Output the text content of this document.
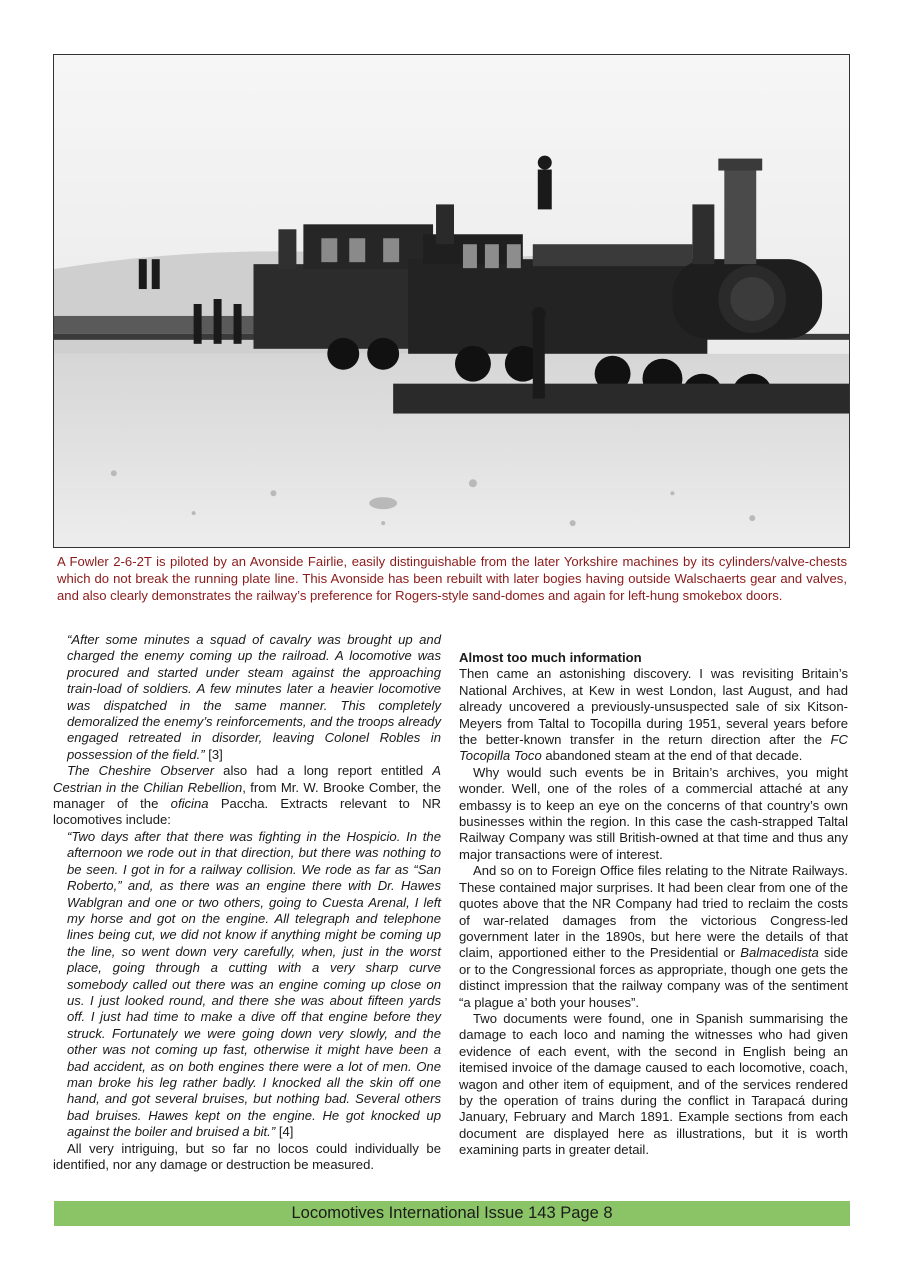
A Fowler 2-6-2T is piloted by an Avonside Fairlie, easily distinguishable from the later Yorkshire machines by its cylinders/valve-chests which do not break the running plate line. This Avonside has been rebuilt with later bogies having outside Walschaerts gear and valves, and also clearly demonstrates the railway’s preference for Rogers-style sand-domes and again for left-hung smokebox doors.

“After some minutes a squad of cavalry was brought up and charged the enemy coming up the railroad. A locomotive was procured and started under steam against the approaching train-load of soldiers. A few minutes later a heavier locomotive was dispatched in the same manner. This completely demoralized the enemy’s reinforcements, and the troops already engaged retreated in disorder, leaving Colonel Robles in possession of the field.” [3]

The Cheshire Observer also had a long report entitled A Cestrian in the Chilian Rebellion, from Mr. W. Brooke Comber, the manager of the oficina Paccha. Extracts relevant to NR locomotives include:

“Two days after that there was fighting in the Hospicio. In the afternoon we rode out in that direction, but there was nothing to be seen. I got in for a railway collision. We rode as far as “San Roberto,” and, as there was an engine there with Dr. Hawes Wablgran and one or two others, going to Cuesta Arenal, I left my horse and got on the engine. All telegraph and telephone lines being cut, we did not know if anything might be coming up the line, so went down very carefully, when, just in the worst place, going through a cutting with a very sharp curve somebody called out there was an engine coming up close on us. I just looked round, and there she was about fifteen yards off. I just had time to make a dive off that engine before they struck. Fortunately we were going down very slowly, and the other was not coming up fast, otherwise it might have been a bad accident, as on both engines there were a lot of men. One man broke his leg rather badly. I knocked all the skin off one hand, and got several bruises, but nothing bad. Several others bad bruises. Hawes kept on the engine. He got knocked up against the boiler and bruised a bit.” [4]

All very intriguing, but so far no locos could individually be identified, nor any damage or destruction be measured.

Almost too much information

Then came an astonishing discovery. I was revisiting Britain’s National Archives, at Kew in west London, last August, and had already uncovered a previously-unsuspected sale of six Kitson-Meyers from Taltal to Tocopilla during 1951, several years before the better-known transfer in the return direction after the FC Tocopilla Toco abandoned steam at the end of that decade.

Why would such events be in Britain’s archives, you might wonder. Well, one of the roles of a commercial attaché at any embassy is to keep an eye on the concerns of that country’s own businesses within the region. In this case the cash-strapped Taltal Railway Company was still British-owned at that time and thus any major transactions were of interest.

And so on to Foreign Office files relating to the Nitrate Railways. These contained major surprises. It had been clear from one of the quotes above that the NR Company had tried to reclaim the costs of war-related damages from the victorious Congress-led government later in the 1890s, but here were the details of that claim, apportioned either to the Presidential or Balmacedista side or to the Congressional forces as appropriate, though one gets the distinct impression that the railway company was of the sentiment “a plague a’ both your houses”.

Two documents were found, one in Spanish summarising the damage to each loco and naming the witnesses who had given evidence of each event, with the second in English being an itemised invoice of the damage caused to each locomotive, coach, wagon and other item of equipment, and of the services rendered by the operation of trains during the conflict in Tarapacá during January, February and March 1891. Example sections from each document are displayed here as illustrations, but it is worth examining parts in greater detail.

Locomotives International Issue 143 Page 8
